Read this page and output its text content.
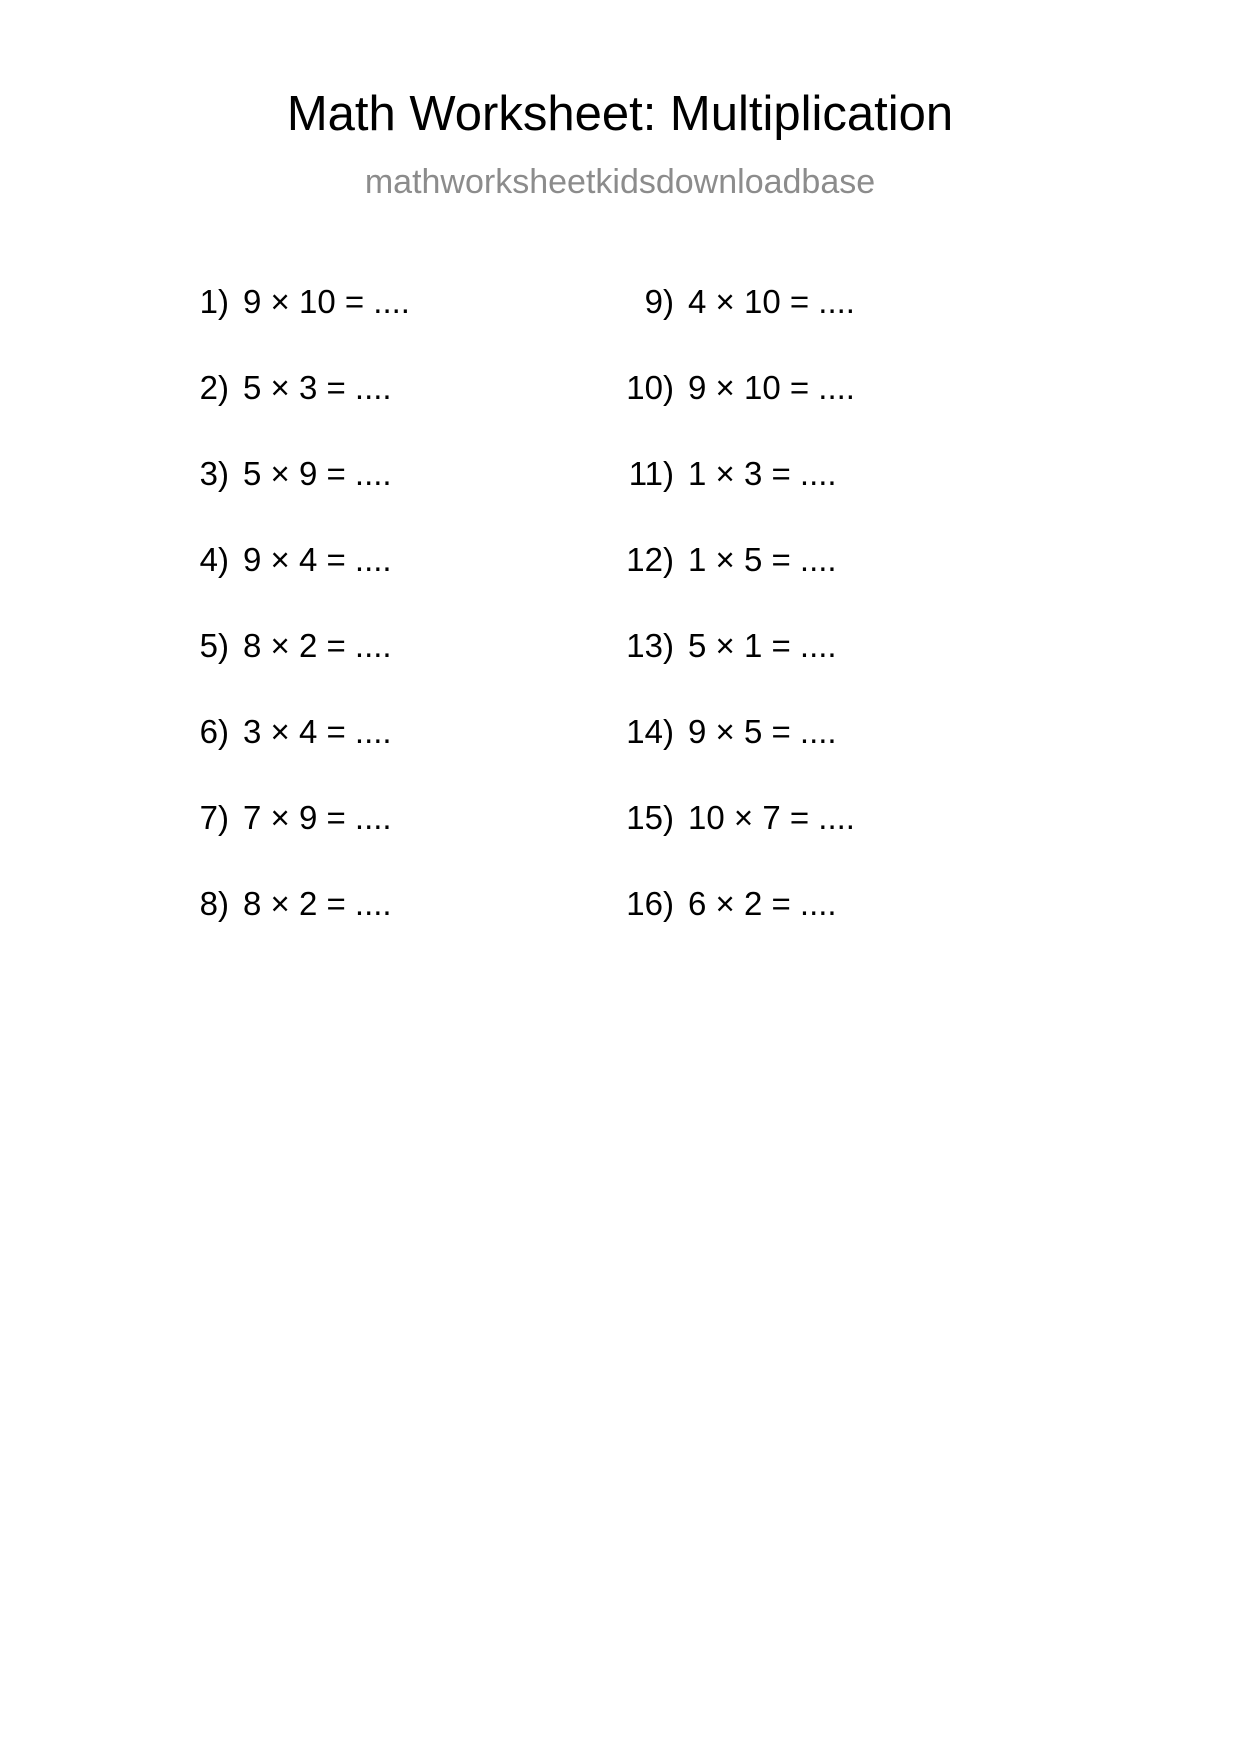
Math Worksheet: Multiplication
mathworksheetkidsdownloadbase
1) 9 × 10 = ....
2) 5 × 3 = ....
3) 5 × 9 = ....
4) 9 × 4 = ....
5) 8 × 2 = ....
6) 3 × 4 = ....
7) 7 × 9 = ....
8) 8 × 2 = ....
9) 4 × 10 = ....
10) 9 × 10 = ....
11) 1 × 3 = ....
12) 1 × 5 = ....
13) 5 × 1 = ....
14) 9 × 5 = ....
15) 10 × 7 = ....
16) 6 × 2 = ....
